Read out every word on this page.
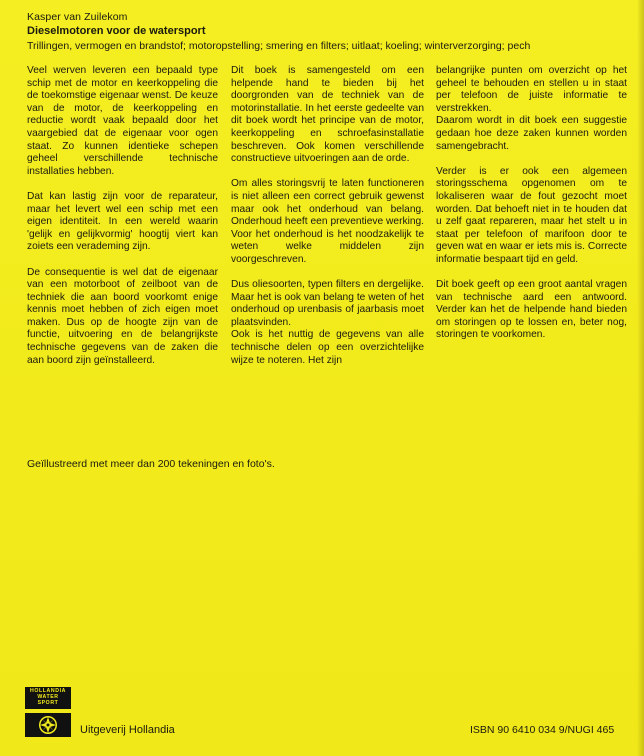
Kasper van Zuilekom
Dieselmotoren voor de watersport
Trillingen, vermogen en brandstof; motoropstelling; smering en filters; uitlaat; koeling; winterverzorging; pech

Veel werven leveren een bepaald type schip met de motor en keerkoppeling die de toekomstige eigenaar wenst. De keuze van de motor, de keerkoppeling en reductie wordt vaak bepaald door het vaargebied dat de eigenaar voor ogen staat. Zo kunnen identieke schepen geheel verschillende technische installaties hebben.

Dat kan lastig zijn voor de reparateur, maar het levert wel een schip met een eigen identiteit. In een wereld waarin 'gelijk en gelijkvormig' hoogtij viert kan zoiets een verademing zijn.

De consequentie is wel dat de eigenaar van een motorboot of zeilboot van de techniek die aan boord voorkomt enige kennis moet hebben of zich eigen moet maken. Dus op de hoogte zijn van de functie, uitvoering en de belangrijkste technische gegevens van de zaken die aan boord zijn geïnstalleerd.

Dit boek is samengesteld om een helpende hand te bieden bij het doorgronden van de techniek van de motorinstallatie. In het eerste gedeelte van dit boek wordt het principe van de motor, keerkoppeling en schroefasinstallatie beschreven. Ook komen verschillende constructieve uitvoeringen aan de orde.

Om alles storingsvrij te laten functioneren is niet alleen een correct gebruik gewenst maar ook het onderhoud van belang. Onderhoud heeft een preventieve werking. Voor het onderhoud is het noodzakelijk te weten welke middelen zijn voorgeschreven.

Dus oliesoorten, typen filters en dergelijke. Maar het is ook van belang te weten of het onderhoud op urenbasis of jaarbasis moet plaatsvinden.

Ook is het nuttig de gegevens van alle technische delen op een overzichtelijke wijze te noteren. Het zijn

belangrijke punten om overzicht op het geheel te behouden en stellen u in staat per telefoon de juiste informatie te verstrekken.

Daarom wordt in dit boek een suggestie gedaan hoe deze zaken kunnen worden samengebracht.

Verder is er ook een algemeen storingsschema opgenomen om te lokaliseren waar de fout gezocht moet worden. Dat behoeft niet in te houden dat u zelf gaat repareren, maar het stelt u in staat per telefoon of marifoon door te geven wat en waar er iets mis is. Correcte informatie bespaart tijd en geld.

Dit boek geeft op een groot aantal vragen van technische aard een antwoord. Verder kan het de helpende hand bieden om storingen op te lossen en, beter nog, storingen te voorkomen.

Geïllustreerd met meer dan 200 tekeningen en foto's.
HOLLANDIA
WATER
SPORT
Uitgeverij Hollandia	ISBN 90 6410 034 9/NUGI 465
